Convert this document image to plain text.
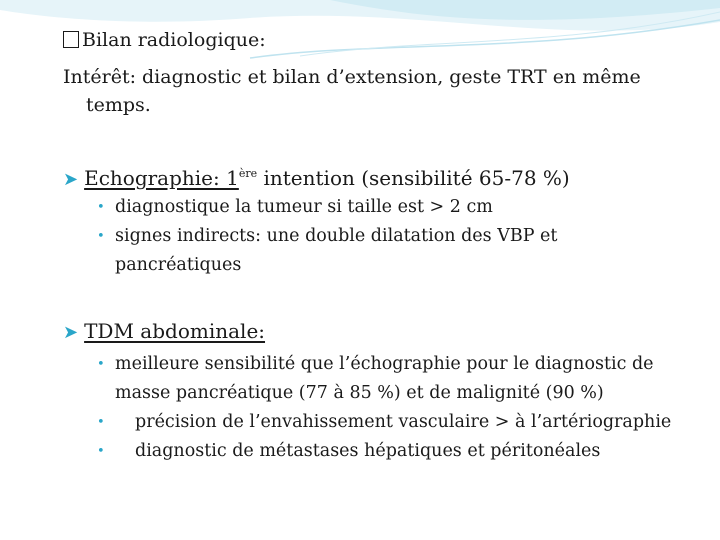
Bilan radiologique:
Intérêt: diagnostic et bilan d’extension, geste TRT en même
temps.
➤ Echographie: 1ère intention (sensibilité 65-78 %)
• diagnostique la tumeur si taille est > 2 cm
• signes indirects: une double dilatation des VBP et
pancréatiques
➤ TDM abdominale:
• meilleure sensibilité que l’échographie pour le diagnostic de
masse pancréatique (77 à 85 %) et de malignité (90 %)
• précision de l’envahissement vasculaire > à l’artériographie
• diagnostic de métastases hépatiques et péritonéales
